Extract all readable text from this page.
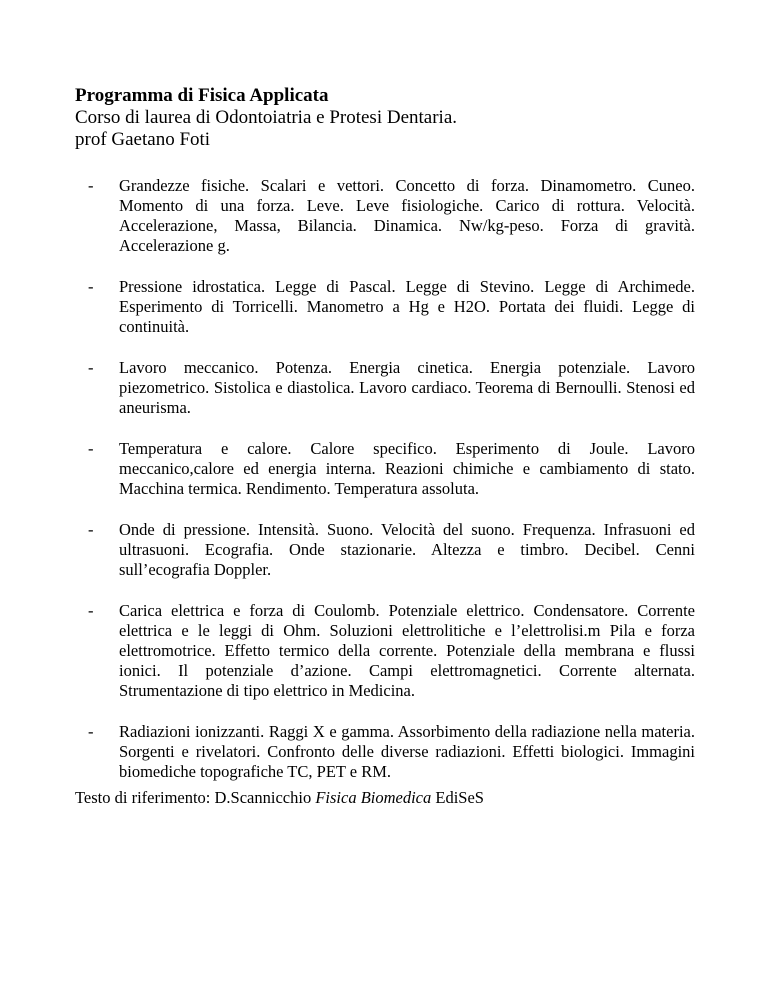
Programma di Fisica Applicata
Corso di laurea di Odontoiatria e Protesi Dentaria.
prof Gaetano Foti
- Grandezze fisiche. Scalari e vettori. Concetto di forza. Dinamometro. Cuneo. Momento di una forza. Leve. Leve fisiologiche. Carico di rottura. Velocità. Accelerazione, Massa, Bilancia. Dinamica. Nw/kg-peso. Forza di gravità. Accelerazione g.
- Pressione idrostatica. Legge di Pascal. Legge di Stevino. Legge di Archimede. Esperimento di Torricelli. Manometro a Hg e H2O. Portata dei fluidi. Legge di continuità.
- Lavoro meccanico. Potenza. Energia cinetica. Energia potenziale. Lavoro piezometrico. Sistolica e diastolica. Lavoro cardiaco. Teorema di Bernoulli. Stenosi ed aneurisma.
- Temperatura e calore. Calore specifico. Esperimento di Joule. Lavoro meccanico,calore ed energia interna. Reazioni chimiche e cambiamento di stato. Macchina termica. Rendimento. Temperatura assoluta.
- Onde di pressione. Intensità. Suono. Velocità del suono. Frequenza. Infrasuoni ed ultrasuoni. Ecografia. Onde stazionarie. Altezza e timbro. Decibel. Cenni sull’ecografia Doppler.
- Carica elettrica e forza di Coulomb. Potenziale elettrico. Condensatore. Corrente elettrica e le leggi di Ohm. Soluzioni elettrolitiche e l’elettrolisi.m Pila e forza elettromotrice. Effetto termico della corrente. Potenziale della membrana e flussi ionici. Il potenziale d’azione. Campi elettromagnetici. Corrente alternata. Strumentazione di tipo elettrico in Medicina.
- Radiazioni ionizzanti. Raggi X e gamma. Assorbimento della radiazione nella materia. Sorgenti e rivelatori. Confronto delle diverse radiazioni. Effetti biologici. Immagini biomediche topografiche TC, PET e RM.
Testo di riferimento: D.Scannicchio Fisica Biomedica EdiSeS
